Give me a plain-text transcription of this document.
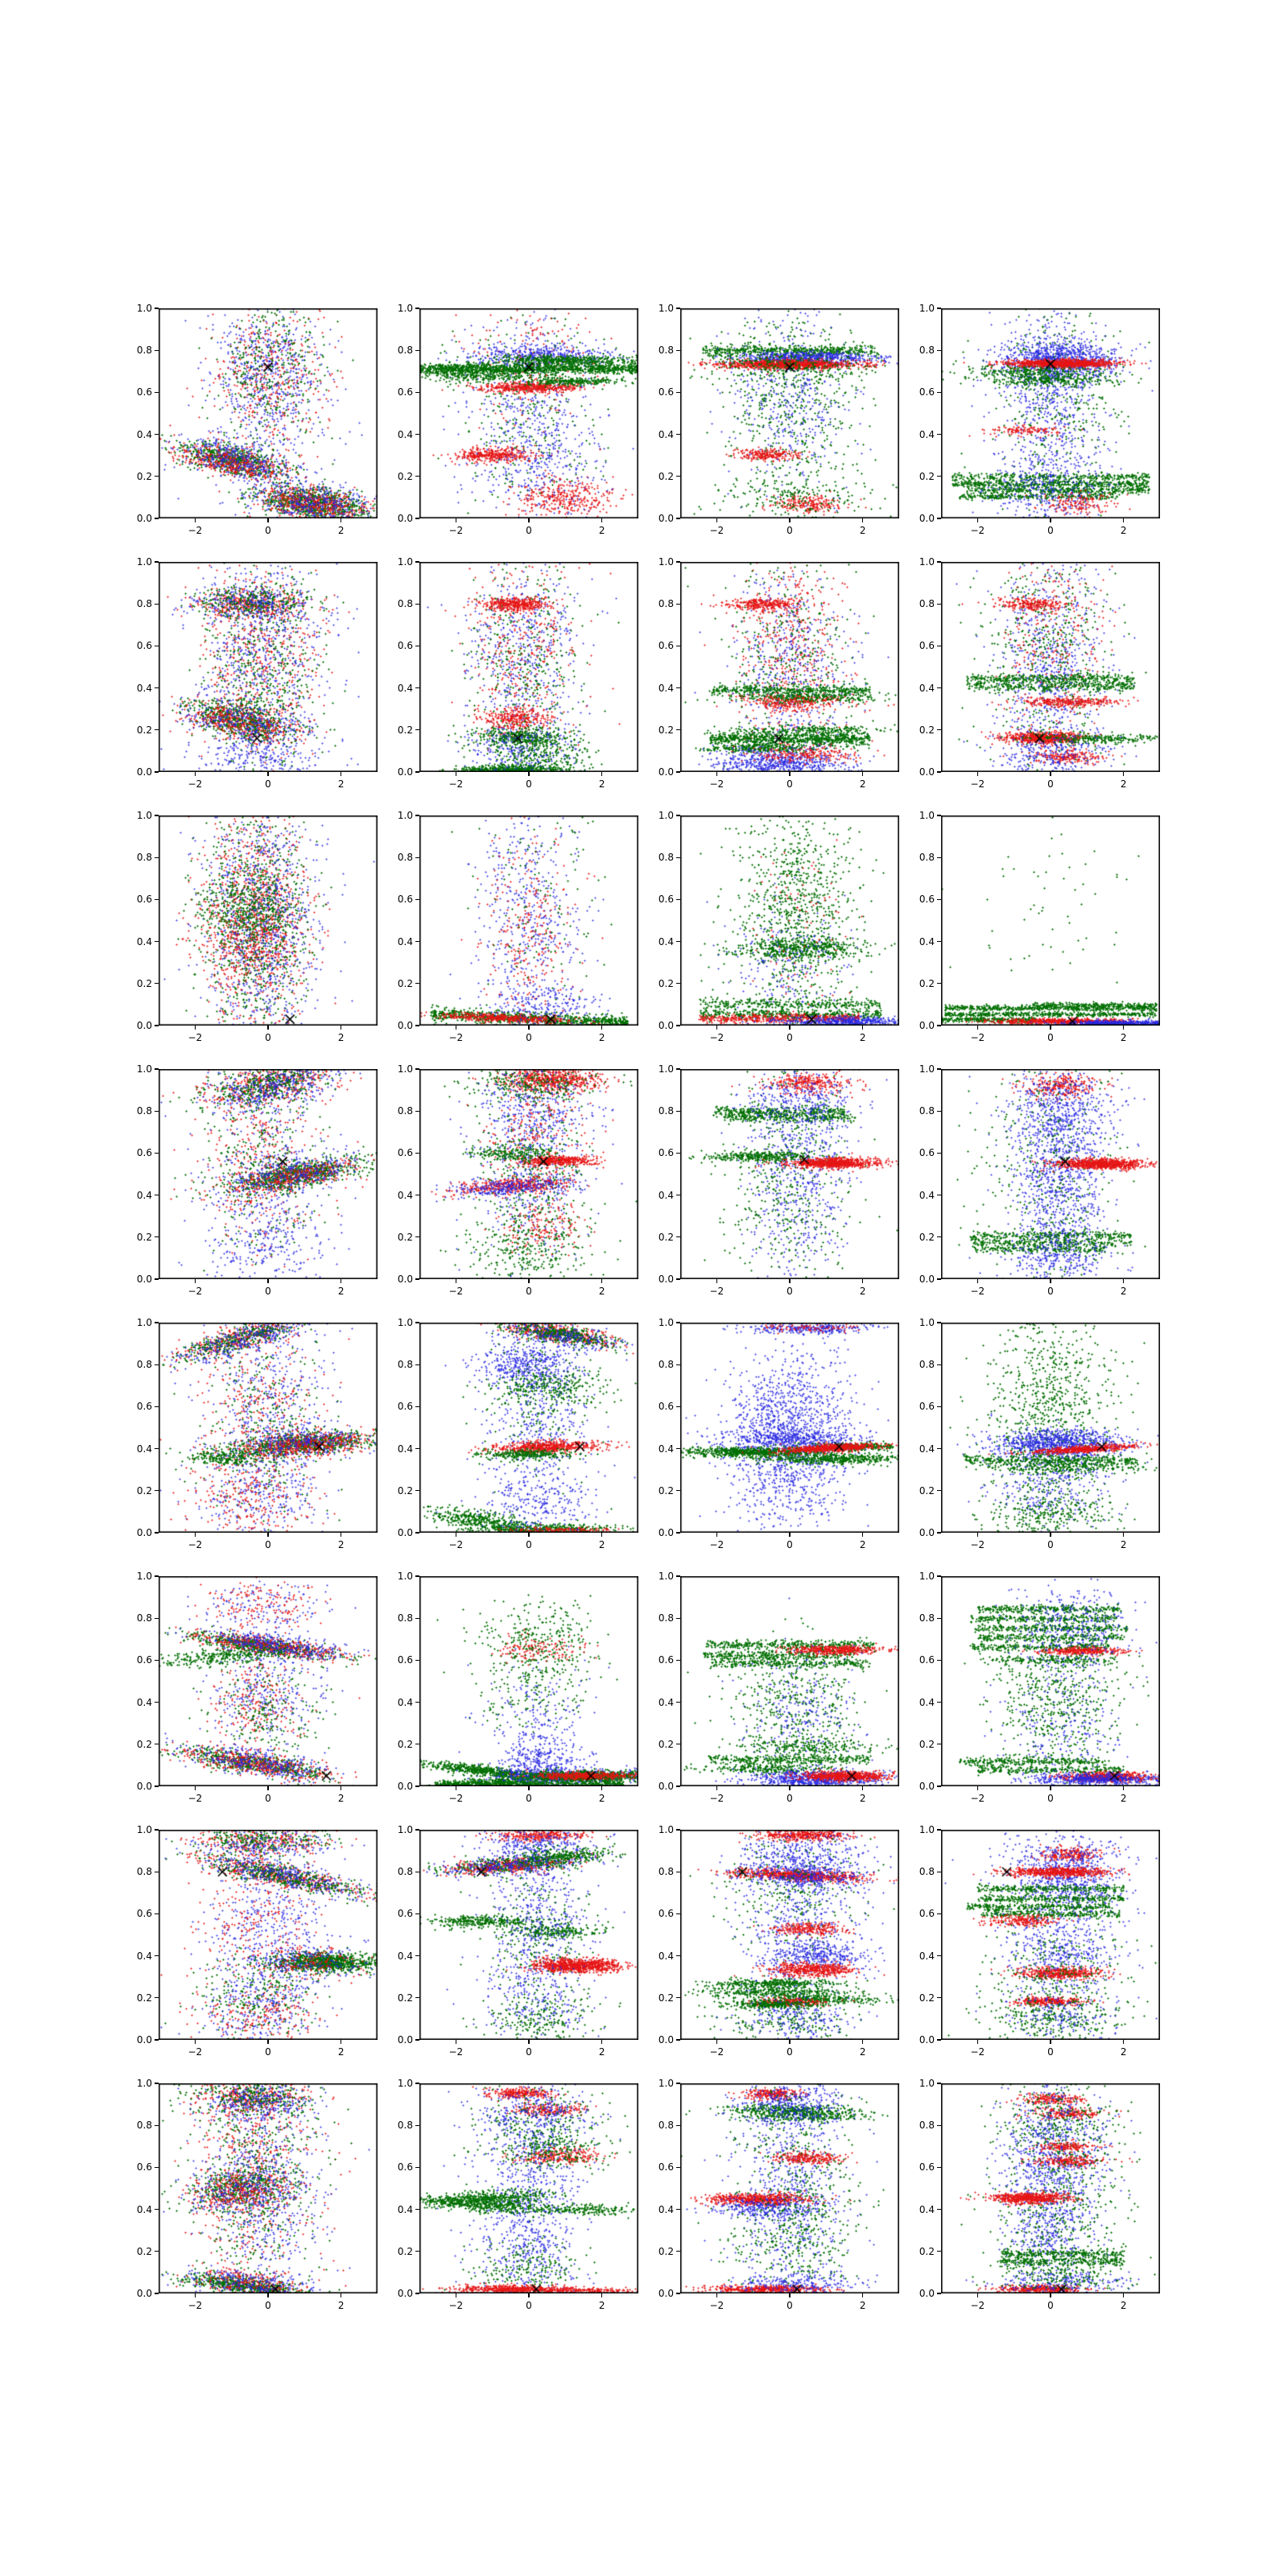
0.0
0.2
0.4
0.6
0.8
1.0
−2	0	2
0.0
0.2
0.4
0.6
0.8
1.0
−2	0	2
0.0
0.2
0.4
0.6
0.8
1.0
−2	0	2
0.0
0.2
0.4
0.6
0.8
1.0
−2	0	2
0.0
0.2
0.4
0.6
0.8
1.0
−2	0	2
0.0
0.2
0.4
0.6
0.8
1.0
−2	0	2
0.0
0.2
0.4
0.6
0.8
1.0
−2	0	2
0.0
0.2
0.4
0.6
0.8
1.0
−2	0	2
0.0
0.2
0.4
0.6
0.8
1.0
−2	0	2
0.0
0.2
0.4
0.6
0.8
1.0
−2	0	2
0.0
0.2
0.4
0.6
0.8
1.0
−2	0	2
0.0
0.2
0.4
0.6
0.8
1.0
−2	0	2
0.0
0.2
0.4
0.6
0.8
1.0
−2	0	2
0.0
0.2
0.4
0.6
0.8
1.0
−2	0	2
0.0
0.2
0.4
0.6
0.8
1.0
−2	0	2
0.0
0.2
0.4
0.6
0.8
1.0
−2	0	2
0.0
0.2
0.4
0.6
0.8
1.0
−2	0	2
0.0
0.2
0.4
0.6
0.8
1.0
−2	0	2
0.0
0.2
0.4
0.6
0.8
1.0
−2	0	2
0.0
0.2
0.4
0.6
0.8
1.0
−2	0	2
0.0
0.2
0.4
0.6
0.8
1.0
−2	0	2
0.0
0.2
0.4
0.6
0.8
1.0
−2	0	2
0.0
0.2
0.4
0.6
0.8
1.0
−2	0	2
0.0
0.2
0.4
0.6
0.8
1.0
−2	0	2
0.0
0.2
0.4
0.6
0.8
1.0
−2	0	2
0.0
0.2
0.4
0.6
0.8
1.0
−2	0	2
0.0
0.2
0.4
0.6
0.8
1.0
−2	0	2
0.0
0.2
0.4
0.6
0.8
1.0
−2	0	2
0.0
0.2
0.4
0.6
0.8
1.0
−2	0	2
0.0
0.2
0.4
0.6
0.8
1.0
−2	0	2
0.0
0.2
0.4
0.6
0.8
1.0
−2	0	2
0.0
0.2
0.4
0.6
0.8
1.0
−2	0	2
